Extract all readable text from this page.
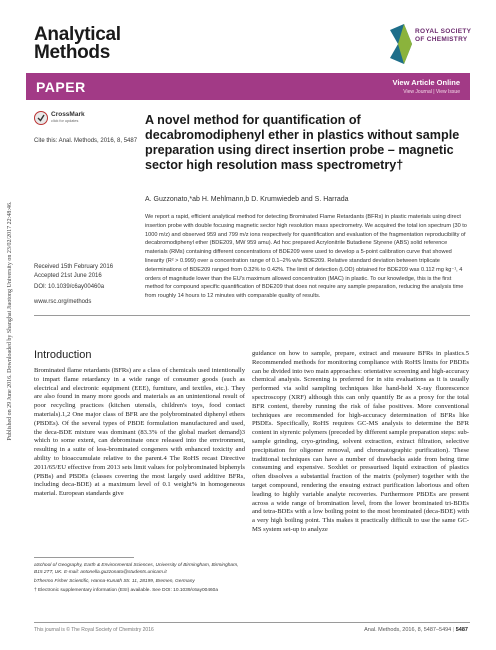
Published on 29 June 2016. Downloaded by Shanghai Jiaotong University on 23/02/2017 22:48:46.
Analytical
Methods
ROYAL SOCIETY
OF CHEMISTRY
PAPER	View Article Online
View Journal | View Issue
CrossMark
click for updates
Cite this: Anal. Methods, 2016, 8, 5487
Received 15th February 2016
Accepted 21st June 2016
DOI: 10.1039/c6ay00460a
www.rsc.org/methods
A novel method for quantification of decabromodiphenyl ether in plastics without sample preparation using direct insertion probe – magnetic sector high resolution mass spectrometry†
A. Guzzonato,*ab H. Mehlmann,b D. Krumwiedeb and S. Harrada

We report a rapid, efficient analytical method for detecting Brominated Flame Retardants (BFRs) in plastic materials using direct insertion probe with double focusing magnetic sector high resolution mass spectrometry. We acquired the total ion spectrum (30 to 1000 m/z) and observed 959 and 799 m/z ions respectively for quantification and evaluation of the fragmentation reproducibility of decabromodiphenyl ether (BDE209, MW 959 amu). Ad hoc prepared Acrylonitrile Butadiene Styrene (ABS) solid reference materials (RMs) containing different concentrations of BDE209 were used to develop a 5-point calibration curve that showed linearity (R² > 0.999) over a concentration range of 0.1–2% w/w BDE209. Relative standard deviation between triplicate determinations of BDE209 ranged from 0.32% to 0.42%. The limit of detection (LOD) obtained for BDE209 was 0.112 mg kg⁻¹, 4 orders of magnitude lower than the EU's maximum allowed concentration (MAC) in plastic. To our knowledge, this is the first method for compound specific quantification of BDE209 that does not require any sample preparation, reducing the analysis time from roughly 14 hours to 12 minutes with comparable quality of results.

Introduction

Brominated flame retardants (BFRs) are a class of chemicals used intentionally to impart flame retardancy in a wide range of consumer goods (such as electrical and electronic equipment (EEE), furniture, and textiles, etc.). They are also found in many more goods and materials as an unintentional result of poor recycling practices (kitchen utensils, children's toys, food contact materials).1,2 One major class of BFR are the polybrominated diphenyl ethers (PBDEs). Of the several types of PBDE formulation manufactured and used, the deca-BDE mixture was dominant (83.3% of the global market demand)3 which to some extent, can debrominate once released into the environment, resulting in a suite of less-brominated congeners with enhanced toxicity and ability to bioaccumulate relative to the parent.4 The RoHS recast Directive 2011/65/EU effective from 2013 sets limit values for polybrominated biphenyls (PBBs) and PBDEs (classes covering the most largely used additive BFRs, including deca-BDE) at a maximum level of 0.1 weight% in homogeneous material. European standards give

guidance on how to sample, prepare, extract and measure BFRs in plastics.5 Recommended methods for monitoring compliance with RoHS limits for PBDEs can be divided into two main approaches: orientative screening and high-accuracy chemical analysis. Screening is preferred for in situ evaluations as it is usually performed via solid sampling techniques like hand-held X-ray fluorescence spectroscopy (XRF) although this can only quantify Br as a proxy for the total BFR content, thereby running the risk of false positives. More conventional techniques are recommended for high-accuracy determination of BFRs like PBDEs. Specifically, RoHS requires GC-MS analysis to determine the BFR content in styrenic polymers (preceded by different sample preparation steps: sub-sample grinding, cryo-grinding, solvent extraction, extract filtration, selective precipitation for oligomer removal, and chromatographic purification). These traditional techniques can have a number of drawbacks aside from being time consuming and expensive. Soxhlet or pressurised liquid extraction of plastics often dissolves a substantial fraction of the matrix (polymer) together with the target compound, rendering the ensuing extract purification laborious and often leading to highly variable analyte recoveries. Furthermore PBDEs are present across a wide range of bromination level, from the lower brominated tri-BDEs and tetra-BDEs with a low boiling point to the most brominated (deca-BDE) with a very high boiling point. This makes it practically difficult to use the same GC-MS system set-up to analyze

aSchool of Geography, Earth & Environmental Sciences, University of Birmingham, Birmingham, B15 2TT, UK. E-mail: antonella.guzzonato@students.unicam.it

bThermo Fisher Scientific, Hanna-Kunath Str. 11, 28199, Bremen, Germany

† Electronic supplementary information (ESI) available. See DOI: 10.1039/c6ay00460a

This journal is © The Royal Society of Chemistry 2016	Anal. Methods, 2016, 8, 5487–5494 | 5487
